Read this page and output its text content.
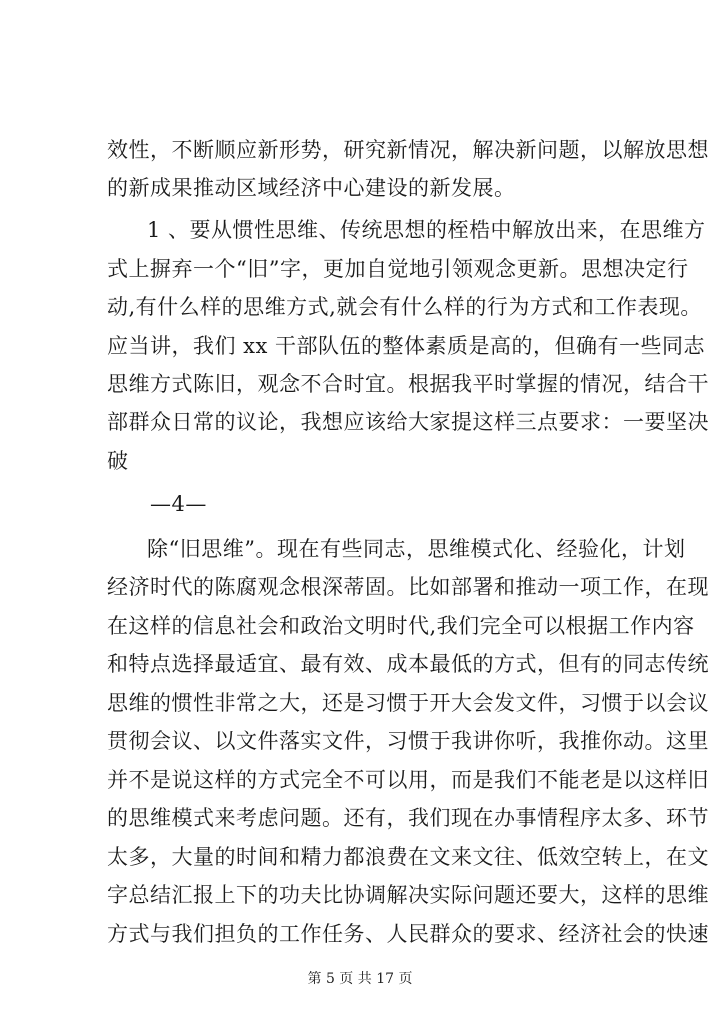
效性，不断顺应新形势，研究新情况，解决新问题，以解放思想
的新成果推动区域经济中心建设的新发展。
1 、要从惯性思维、传统思想的桎梏中解放出来，在思维方
式上摒弃一个“旧”字，更加自觉地引领观念更新。思想决定行
动,有什么样的思维方式,就会有什么样的行为方式和工作表现。
应当讲，我们 xx 干部队伍的整体素质是高的，但确有一些同志
思维方式陈旧，观念不合时宜。根据我平时掌握的情况，结合干
部群众日常的议论，我想应该给大家提这样三点要求：一要坚决
破
—4—
除“旧思维”。现在有些同志，思维模式化、经验化，计划
经济时代的陈腐观念根深蒂固。比如部署和推动一项工作，在现
在这样的信息社会和政治文明时代,我们完全可以根据工作内容
和特点选择最适宜、最有效、成本最低的方式，但有的同志传统
思维的惯性非常之大，还是习惯于开大会发文件，习惯于以会议
贯彻会议、以文件落实文件，习惯于我讲你听，我推你动。这里
并不是说这样的方式完全不可以用，而是我们不能老是以这样旧
的思维模式来考虑问题。还有，我们现在办事情程序太多、环节
太多，大量的时间和精力都浪费在文来文往、低效空转上，在文
字总结汇报上下的功夫比协调解决实际问题还要大，这样的思维
方式与我们担负的工作任务、人民群众的要求、经济社会的快速
第 5 页 共 17 页
